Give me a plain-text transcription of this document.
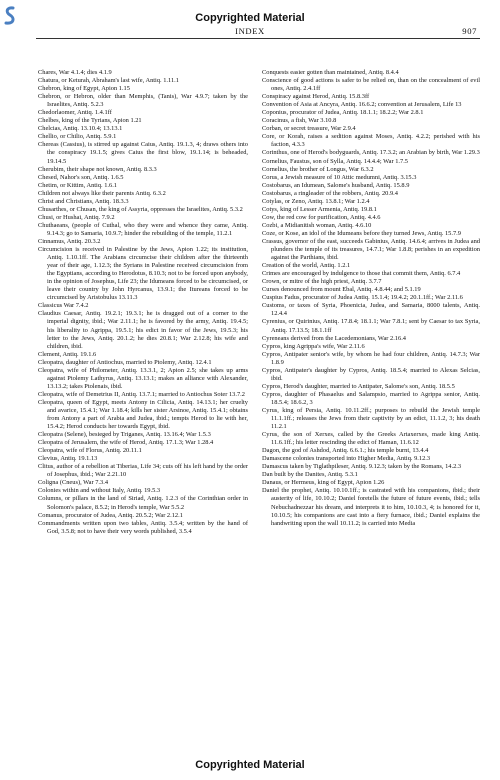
Copyrighted Material
INDEX	907

Chares, War 4.1.4; dies 4.1.9

Chatura, or Keturah, Abraham's last wife, Antiq. 1.11.1

Chebron, king of Egypt, Apion 1.15

Chebron, or Hebron, older than Memphis, (Tanis), War 4.9.7; taken by the Israelites, Antiq. 5.2.3

Chedorlaomer, Antiq. 1.4.1ff

Chelbes, king of the Tyrians, Apion 1.21

Chelcias, Antiq. 13.10.4; 13.13.1

Chellio, or Chilio, Antiq. 5.9.1

Chereas (Cassius), is stirred up against Caius, Antiq. 19.1.3, 4; draws others into the conspiracy 19.1.5; gives Caius the first blow, 19.1.14; is beheaded, 19.14.5

Cherubim, their shape not known, Antiq. 8.3.3

Chesed, Nahor's son, Antiq. 1.6.5

Chetim, or Kittim, Antiq. 1.6.1

Children not always like their parents Antiq. 6.3.2

Christ and Christians, Antiq. 18.3.3

Chusarthes, or Chusan, the king of Assyria, oppresses the Israelites, Antiq. 5.3.2

Chusi, or Hushai, Antiq. 7.9.2

Chuthaeans, (people of Cuthal, who they were and whence they came, Antiq. 9.14.3; go to Samaria, 10.9.7; hinder the rebuilding of the temple, 11.2.1

Cinnamus, Antiq. 20.3.2

Circumcision is received in Palestine by the Jews, Apion 1.22; its institution, Antiq. 1.10.1ff. The Arabians circumcise their children after the thirteenth year of their age, 1.12.3; the Syrians in Palestine received circumcision from the Egyptians, according to Herodotus, 8.10.3; not to be forced upon anybody, in the opinion of Josephus, Life 23; the Idumeans forced to be circumcised, or leave their country by John Hyrcanus, 13.9.1; the Itureans forced to be circumcised by Aristobulus 13.11.3

Classicus War 7.4.2

Claudius Caesar, Antiq. 19.2.1; 19.3.1; he is dragged out of a corner to the imperial dignity, ibid.; War 2.11.1; he is favored by the army, Antiq. 19.4.5; his liberality to Agrippa, 19.5.1; his edict in favor of the Jews, 19.5.3; his letter to the Jews, Antiq. 20.1.2; he dies 20.8.1; War 2.12.8; his wife and children, ibid.

Clement, Antiq. 19.1.6

Cleopatra, daughter of Antiochus, married to Ptolemy, Antiq. 12.4.1

Cleopatra, wife of Philometer, Antiq. 13.3.1, 2; Apion 2.5; she takes up arms against Ptolemy Lathyrus, Antiq. 13.13.1; makes an alliance with Alexander, 13.13.2; takes Ptolenais, ibid.

Cleopatra, wife of Demetrius II, Antiq. 13.7.1; married to Antiochus Soter 13.7.2

Cleopatra, queen of Egypt, meets Antony in Cilicia, Antiq. 14.13.1; her cruelty and avarice, 15.4.1; War 1.18.4; kills her sister Arsinoe, Antiq. 15.4.1; obtains from Antony a part of Arabia and Judea, ibid.; tempts Herod to lie with her, 15.4.2; Herod conducts her towards Egypt, ibid.

Cleopatra (Selene), besieged by Triganes, Antiq. 13.16.4; War 1.5.3

Cleopatra of Jerusalem, the wife of Herod, Antiq. 17.1.3; War 1.28.4

Cleopatra, wife of Florus, Antiq. 20.11.1

Clevius, Antiq. 19.1.13

Clitus, author of a rebellion at Tiberias, Life 34; cuts off his left hand by the order of Josephus, ibid.; War 2.21.10

Coligna (Cneus), War 7.3.4

Colonies within and without Italy, Antiq. 19.5.3

Columns, or pillars in the land of Siriad, Antiq. 1.2.3 of the Corinthian order in Solomon's palace, 8.5.2; in Herod's temple, War 5.5.2

Comanus, procurator of Judea, Antiq. 20.5.2; War 2.12.1

Commandments written upon two tables, Antiq. 3.5.4; written by the hand of God, 3.5.8; not to have their very words published, 3.5.4

Conquests easier gotten than maintained, Antiq. 8.4.4

Conscience of good actions is safer to be relied on, than on the concealment of evil ones, Antiq. 2.4.1ff

Conspiracy against Herod, Antiq. 15.8.3ff

Convention of Asia at Ancyra, Antiq. 16.6.2; convention at Jerusalem, Life 13

Coponius, procurator of Judea, Antiq. 18.1.1; 18.2.2; War 2.8.1

Coracinus, a fish, War 3.10.8

Corban, or secret treasure, War 2.9.4

Core, or Korah, raises a sedition against Moses, Antiq. 4.2.2; perished with his faction, 4.3.3

Corinthus, one of Herod's bodyguards, Antiq. 17.3.2; an Arabian by birth, War 1.29.3

Cornelius, Faustus, son of Sylla, Antiq. 14.4.4; War 1.7.5

Cornelius, the brother of Longus, War 6.3.2

Corus, a Jewish measure of 10 Attic medumni, Antiq. 3.15.3

Costobarus, an Idumean, Salome's husband, Antiq. 15.8.9

Costobarus, a ringleader of the robbers, Antiq. 20.9.4

Cotylas, or Zeno, Antiq. 13.8.1; War 1.2.4

Cotys, king of Lesser Armenia, Antiq. 19.8.1

Cow, the red cow for purification, Antiq. 4.4.6

Cozbi, a Midianitish woman, Antiq. 4.6.10

Coze, or Kose, an idol of the Idumeans before they turned Jews, Antiq. 15.7.9

Crassus, governor of the east, succeeds Gabinius, Antiq. 14.6.4; arrives in Judea and plunders the temple of its treasures, 14.7.1; War 1.8.8; perishes in an expedition against the Parthians, ibid.

Creation of the world, Antiq. 1.2.1

Crimes are encouraged by indulgence to those that commit them, Antiq. 6.7.4

Crown, or mitre of the high priest, Antiq. 3.7.7

Curses denounced from mount Ebal, Antiq. 4.8.44; and 5.1.19

Cuspius Fadus, procurator of Judea Antiq. 15.1.4; 19.4.2; 20.1.1ff.; War 2.11.6

Customs, or taxes of Syria, Phoenicia, Judea, and Samaria, 8000 talents, Antiq. 12.4.4

Cyrenius, or Quirinius, Antiq. 17.8.4; 18.1.1; War 7.8.1; sent by Caesar to tax Syria, Antiq. 17.13.5; 18.1.1ff

Cyreneans derived from the Lacedemonians, War 2.16.4

Cypros, king Agrippa's wife, War 2.11.6

Cypros, Antipater senior's wife, by whom he had four children, Antiq. 14.7.3; War 1.8.9

Cypros, Antipater's daughter by Cypros, Antiq. 18.5.4; married to Alexas Selcias, ibid.

Cypros, Herod's daughter, married to Antipater, Salome's son, Antiq. 18.5.5

Cypros, daughter of Phasaelus and Salampsio, married to Agrippa senior, Antiq. 18.5.4; 18.6.2, 3

Cyrus, king of Persia, Antiq. 10.11.2ff.; purposes to rebuild the Jewish temple 11.1.1ff.; releases the Jews from their captivity by an edict, 11.1.2, 3; his death 11.2.1

Cyrus, the son of Xerxes, called by the Greeks Artaxerxes, made king Antiq. 11.6.1ff.; his letter rescinding the edict of Haman, 11.6.12

Dagon, the god of Ashdod, Antiq. 6.6.1.; his temple burnt, 13.4.4

Damascene colonies transported into Higher Media, Antiq. 9.12.3

Damascus taken by Tiglathpileser, Antiq. 9.12.3; taken by the Romans, 14.2.3

Dan built by the Danites, Antiq. 5.3.1

Danaus, or Hermeus, king of Egypt, Apion 1.26

Daniel the prophet, Antiq. 10.10.1ff.; is castrated with his companions, ibid.; their austerity of life, 10.10.2; Daniel foretells the future of future events, ibid.; tells Nebuchadnezzar his dream, and interprets it to him, 10.10.3, 4; is honored for it, 10.10.5; his companions are cast into a fiery furnace, ibid.; Daniel explains the handwriting upon the wall 10.11.2; is carried into Media

Copyrighted Material
